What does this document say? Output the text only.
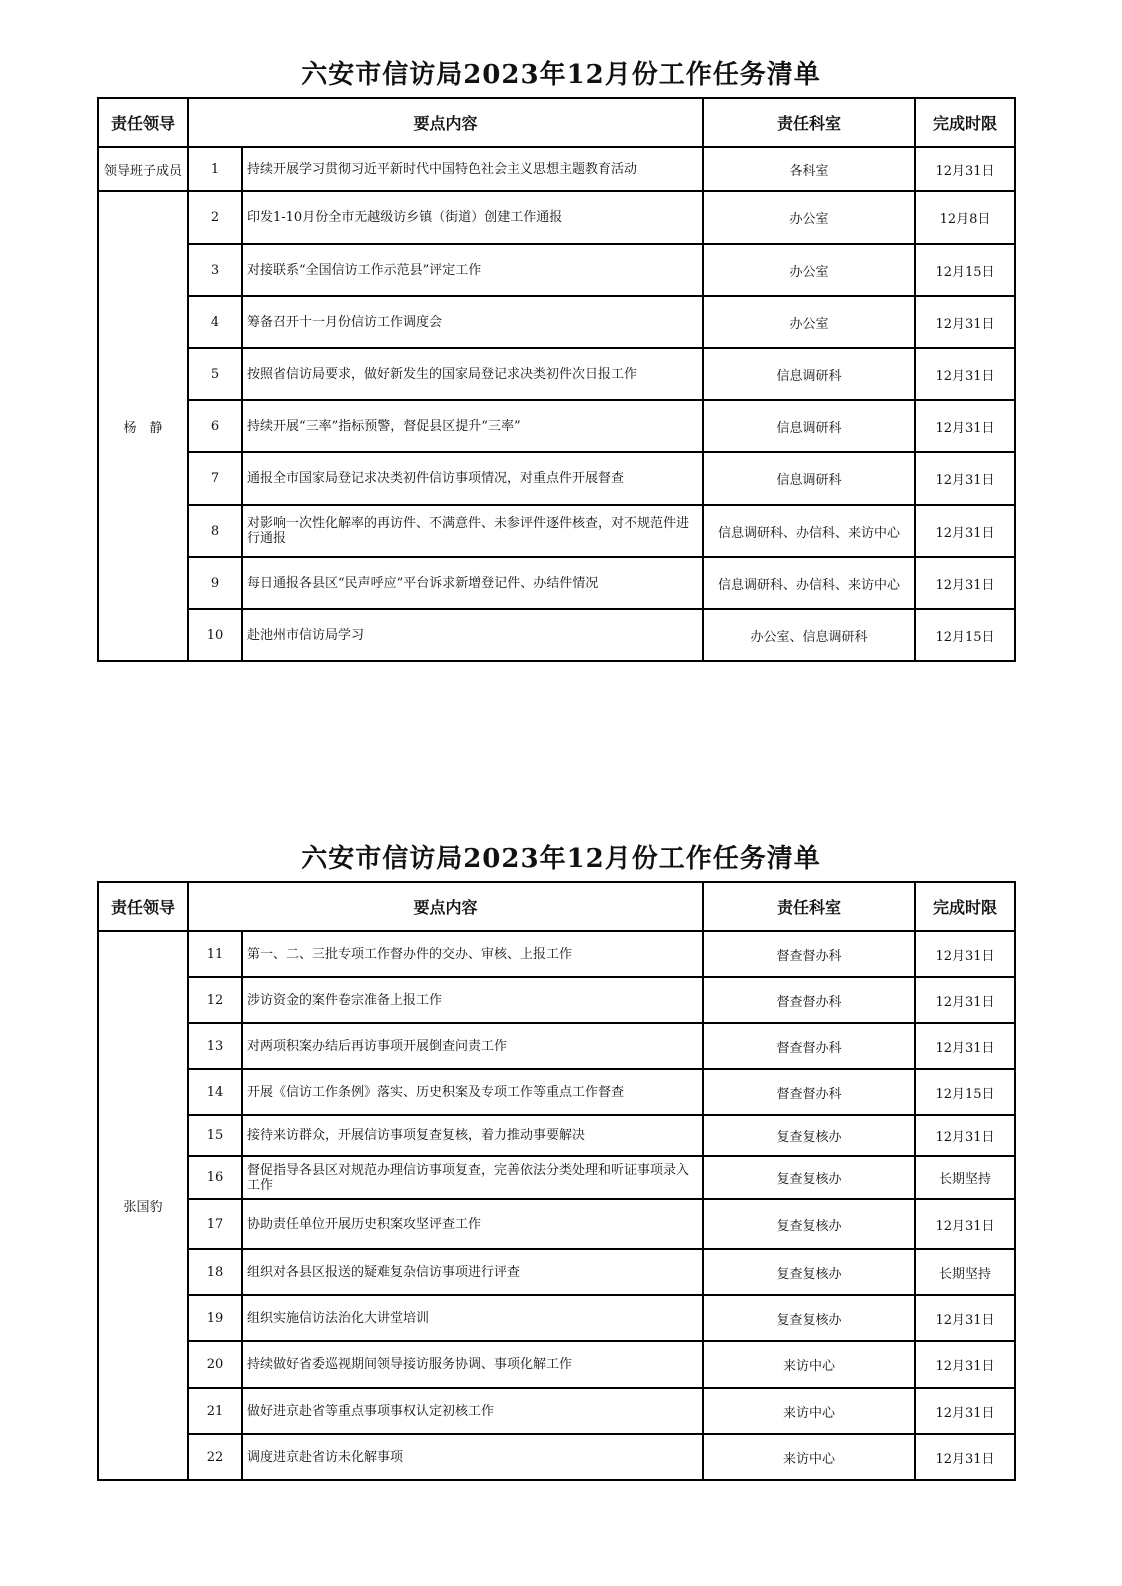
六安市信访局2023年12月份工作任务清单
责任领导	要点内容		责任科室	完成时限
领导班子成员	1	持续开展学习贯彻习近平新时代中国特色社会主义思想主题教育活动	各科室	12月31日
杨　静	2	印发1-10月份全市无越级访乡镇（街道）创建工作通报	办公室	12月8日
	3	对接联系“全国信访工作示范县”评定工作	办公室	12月15日
	4	筹备召开十一月份信访工作调度会	办公室	12月31日
	5	按照省信访局要求，做好新发生的国家局登记求决类初件次日报工作	信息调研科	12月31日
	6	持续开展“三率”指标预警，督促县区提升“三率”	信息调研科	12月31日
	7	通报全市国家局登记求决类初件信访事项情况，对重点件开展督查	信息调研科	12月31日
	8	对影响一次性化解率的再访件、不满意件、未参评件逐件核查，对不规范件进行通报	信息调研科、办信科、来访中心	12月31日
	9	每日通报各县区“民声呼应”平台诉求新增登记件、办结件情况	信息调研科、办信科、来访中心	12月31日
	10	赴池州市信访局学习	办公室、信息调研科	12月15日
六安市信访局2023年12月份工作任务清单
责任领导	要点内容		责任科室	完成时限
张国豹	11	第一、二、三批专项工作督办件的交办、审核、上报工作	督查督办科	12月31日
	12	涉访资金的案件卷宗准备上报工作	督查督办科	12月31日
	13	对两项积案办结后再访事项开展倒查问责工作	督查督办科	12月31日
	14	开展《信访工作条例》落实、历史积案及专项工作等重点工作督查	督查督办科	12月15日
	15	接待来访群众，开展信访事项复查复核，着力推动事要解决	复查复核办	12月31日
	16	督促指导各县区对规范办理信访事项复查，完善依法分类处理和听证事项录入工作	复查复核办	长期坚持
	17	协助责任单位开展历史积案攻坚评查工作	复查复核办	12月31日
	18	组织对各县区报送的疑难复杂信访事项进行评查	复查复核办	长期坚持
	19	组织实施信访法治化大讲堂培训	复查复核办	12月31日
	20	持续做好省委巡视期间领导接访服务协调、事项化解工作	来访中心	12月31日
	21	做好进京赴省等重点事项事权认定初核工作	来访中心	12月31日
	22	调度进京赴省访未化解事项	来访中心	12月31日
